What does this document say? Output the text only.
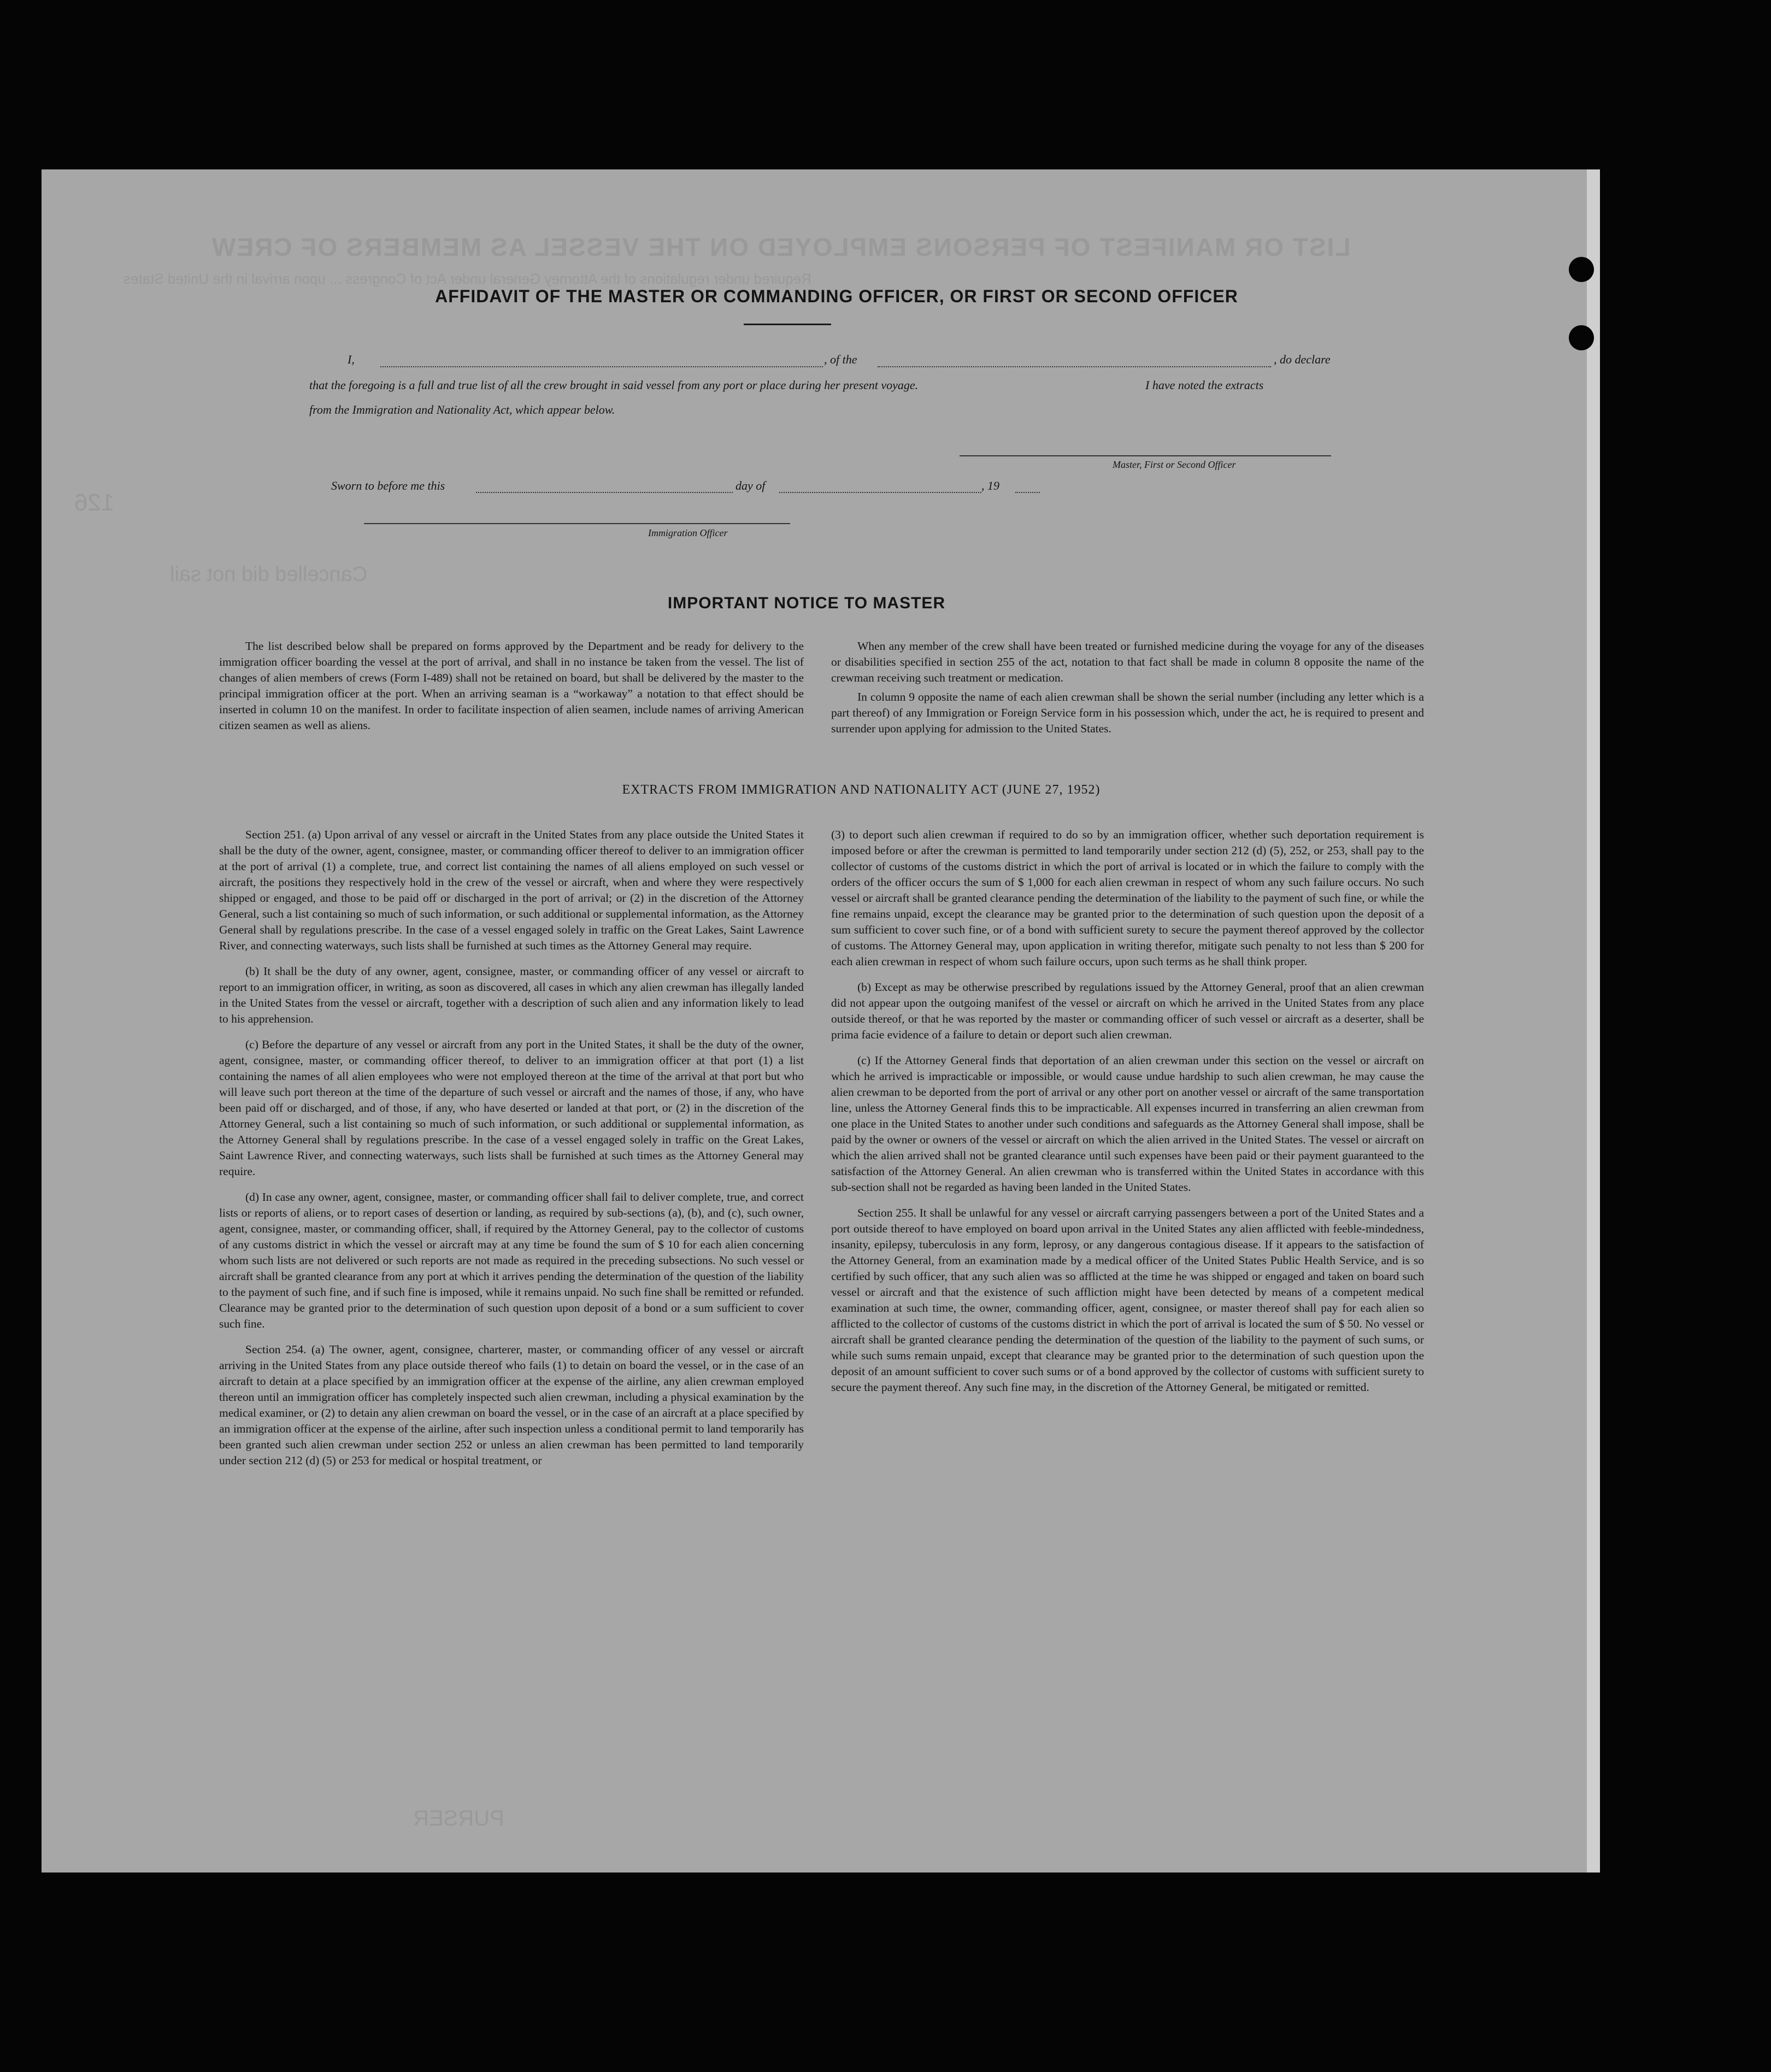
LIST OR MANIFEST OF PERSONS EMPLOYED ON THE VESSEL AS MEMBERS OF CREW
Required under regulations of the Attorney General under Act of Congress ... upon arrival in the United States
126
Cancelled did not sail
PURSER
AFFIDAVIT OF THE MASTER OR COMMANDING OFFICER, OR FIRST OR SECOND OFFICER
I,	, of the	, do declare
that the foregoing is a full and true list of all the crew brought in said vessel from any port or place during her present voyage.	I have noted the extracts
from the Immigration and Nationality Act, which appear below.
Master, First or Second Officer
Sworn to before me this	day of	, 19
Immigration Officer
IMPORTANT NOTICE TO MASTER

The list described below shall be prepared on forms approved by the Department and be ready for delivery to the immigration officer boarding the vessel at the port of arrival, and shall in no instance be taken from the vessel. The list of changes of alien members of crews (Form I-489) shall not be retained on board, but shall be delivered by the master to the principal immigration officer at the port. When an arriving seaman is a “workaway” a notation to that effect should be inserted in column 10 on the manifest. In order to facilitate inspection of alien seamen, include names of arriving American citizen seamen as well as aliens.

When any member of the crew shall have been treated or furnished medicine during the voyage for any of the diseases or disabilities specified in section 255 of the act, notation to that fact shall be made in column 8 opposite the name of the crewman receiving such treatment or medication.

In column 9 opposite the name of each alien crewman shall be shown the serial number (including any letter which is a part thereof) of any Immigration or Foreign Service form in his possession which, under the act, he is required to present and surrender upon applying for admission to the United States.

EXTRACTS FROM IMMIGRATION AND NATIONALITY ACT (JUNE 27, 1952)

Section 251. (a) Upon arrival of any vessel or aircraft in the United States from any place outside the United States it shall be the duty of the owner, agent, consignee, master, or commanding officer thereof to deliver to an immigration officer at the port of arrival (1) a complete, true, and correct list containing the names of all aliens employed on such vessel or aircraft, the positions they respectively hold in the crew of the vessel or aircraft, when and where they were respectively shipped or engaged, and those to be paid off or discharged in the port of arrival; or (2) in the discretion of the Attorney General, such a list containing so much of such information, or such additional or supplemental information, as the Attorney General shall by regulations prescribe. In the case of a vessel engaged solely in traffic on the Great Lakes, Saint Lawrence River, and connecting waterways, such lists shall be furnished at such times as the Attorney General may require.

(b) It shall be the duty of any owner, agent, consignee, master, or commanding officer of any vessel or aircraft to report to an immigration officer, in writing, as soon as discovered, all cases in which any alien crewman has illegally landed in the United States from the vessel or aircraft, together with a description of such alien and any information likely to lead to his apprehension.

(c) Before the departure of any vessel or aircraft from any port in the United States, it shall be the duty of the owner, agent, consignee, master, or commanding officer thereof, to deliver to an immigration officer at that port (1) a list containing the names of all alien employees who were not employed thereon at the time of the arrival at that port but who will leave such port thereon at the time of the departure of such vessel or aircraft and the names of those, if any, who have been paid off or discharged, and of those, if any, who have deserted or landed at that port, or (2) in the discretion of the Attorney General, such a list containing so much of such information, or such additional or supplemental information, as the Attorney General shall by regulations prescribe. In the case of a vessel engaged solely in traffic on the Great Lakes, Saint Lawrence River, and connecting waterways, such lists shall be furnished at such times as the Attorney General may require.

(d) In case any owner, agent, consignee, master, or commanding officer shall fail to deliver complete, true, and correct lists or reports of aliens, or to report cases of desertion or landing, as required by sub-sections (a), (b), and (c), such owner, agent, consignee, master, or commanding officer, shall, if required by the Attorney General, pay to the collector of customs of any customs district in which the vessel or aircraft may at any time be found the sum of $ 10 for each alien concerning whom such lists are not delivered or such reports are not made as required in the preceding subsections. No such vessel or aircraft shall be granted clearance from any port at which it arrives pending the determination of the question of the liability to the payment of such fine, and if such fine is imposed, while it remains unpaid. No such fine shall be remitted or refunded. Clearance may be granted prior to the determination of such question upon deposit of a bond or a sum sufficient to cover such fine.

Section 254. (a) The owner, agent, consignee, charterer, master, or commanding officer of any vessel or aircraft arriving in the United States from any place outside thereof who fails (1) to detain on board the vessel, or in the case of an aircraft to detain at a place specified by an immigration officer at the expense of the airline, any alien crewman employed thereon until an immigration officer has completely inspected such alien crewman, including a physical examination by the medical examiner, or (2) to detain any alien crewman on board the vessel, or in the case of an aircraft at a place specified by an immigration officer at the expense of the airline, after such inspection unless a conditional permit to land temporarily has been granted such alien crewman under section 252 or unless an alien crewman has been permitted to land temporarily under section 212 (d) (5) or 253 for medical or hospital treatment, or

(3) to deport such alien crewman if required to do so by an immigration officer, whether such deportation requirement is imposed before or after the crewman is permitted to land temporarily under section 212 (d) (5), 252, or 253, shall pay to the collector of customs of the customs district in which the port of arrival is located or in which the failure to comply with the orders of the officer occurs the sum of $ 1,000 for each alien crewman in respect of whom any such failure occurs. No such vessel or aircraft shall be granted clearance pending the determination of the liability to the payment of such fine, or while the fine remains unpaid, except the clearance may be granted prior to the determination of such question upon the deposit of a sum sufficient to cover such fine, or of a bond with sufficient surety to secure the payment thereof approved by the collector of customs. The Attorney General may, upon application in writing therefor, mitigate such penalty to not less than $ 200 for each alien crewman in respect of whom such failure occurs, upon such terms as he shall think proper.

(b) Except as may be otherwise prescribed by regulations issued by the Attorney General, proof that an alien crewman did not appear upon the outgoing manifest of the vessel or aircraft on which he arrived in the United States from any place outside thereof, or that he was reported by the master or commanding officer of such vessel or aircraft as a deserter, shall be prima facie evidence of a failure to detain or deport such alien crewman.

(c) If the Attorney General finds that deportation of an alien crewman under this section on the vessel or aircraft on which he arrived is impracticable or impossible, or would cause undue hardship to such alien crewman, he may cause the alien crewman to be deported from the port of arrival or any other port on another vessel or aircraft of the same transportation line, unless the Attorney General finds this to be impracticable. All expenses incurred in transferring an alien crewman from one place in the United States to another under such conditions and safeguards as the Attorney General shall impose, shall be paid by the owner or owners of the vessel or aircraft on which the alien arrived in the United States. The vessel or aircraft on which the alien arrived shall not be granted clearance until such expenses have been paid or their payment guaranteed to the satisfaction of the Attorney General. An alien crewman who is transferred within the United States in accordance with this sub-section shall not be regarded as having been landed in the United States.

Section 255. It shall be unlawful for any vessel or aircraft carrying passengers between a port of the United States and a port outside thereof to have employed on board upon arrival in the United States any alien afflicted with feeble-mindedness, insanity, epilepsy, tuberculosis in any form, leprosy, or any dangerous contagious disease. If it appears to the satisfaction of the Attorney General, from an examination made by a medical officer of the United States Public Health Service, and is so certified by such officer, that any such alien was so afflicted at the time he was shipped or engaged and taken on board such vessel or aircraft and that the existence of such affliction might have been detected by means of a competent medical examination at such time, the owner, commanding officer, agent, consignee, or master thereof shall pay for each alien so afflicted to the collector of customs of the customs district in which the port of arrival is located the sum of $ 50. No vessel or aircraft shall be granted clearance pending the determination of the question of the liability to the payment of such sums, or while such sums remain unpaid, except that clearance may be granted prior to the determination of such question upon the deposit of an amount sufficient to cover such sums or of a bond approved by the collector of customs with sufficient surety to secure the payment thereof. Any such fine may, in the discretion of the Attorney General, be mitigated or remitted.
